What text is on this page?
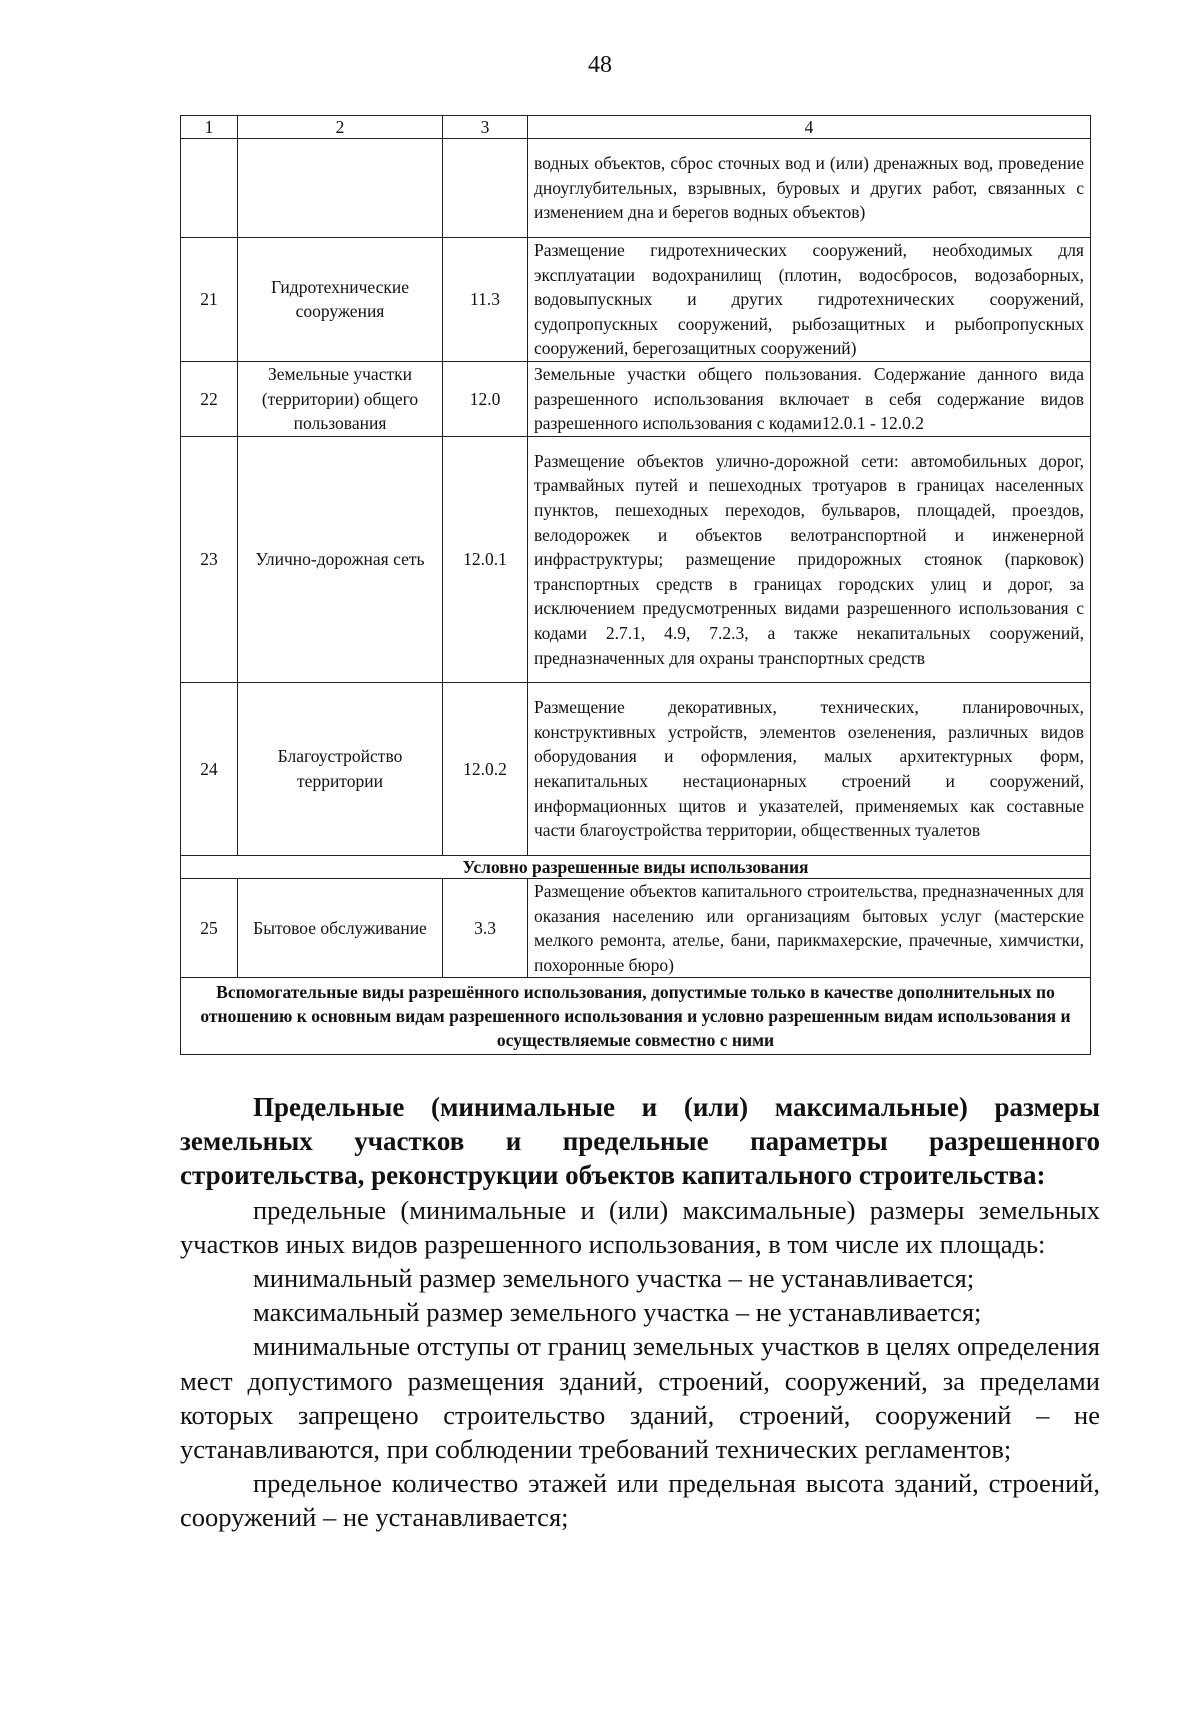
48
1	2	3	4
			водных объектов, сброс сточных вод и (или) дренажных вод, проведение дноуглубительных, взрывных, буровых и других работ, связанных с изменением дна и берегов водных объектов)
21	Гидротехнические сооружения	11.3	Размещение гидротехнических сооружений, необходимых для эксплуатации водохранилищ (плотин, водосбросов, водозаборных, водовыпускных и других гидротехнических сооружений, судопропускных сооружений, рыбозащитных и рыбопропускных сооружений, берегозащитных сооружений)
22	Земельные участки (территории) общего пользования	12.0	Земельные участки общего пользования. Содержание данного вида разрешенного использования включает в себя содержание видов разрешенного использования с кодами12.0.1 - 12.0.2
23	Улично-дорожная сеть	12.0.1	Размещение объектов улично-дорожной сети: автомобильных дорог, трамвайных путей и пешеходных тротуаров в границах населенных пунктов, пешеходных переходов, бульваров, площадей, проездов, велодорожек и объектов велотранспортной и инженерной инфраструктуры; размещение придорожных стоянок (парковок) транспортных средств в границах городских улиц и дорог, за исключением предусмотренных видами разрешенного использования с кодами 2.7.1, 4.9, 7.2.3, а также некапитальных сооружений, предназначенных для охраны транспортных средств
24	Благоустройство территории	12.0.2	Размещение декоративных, технических, планировочных, конструктивных устройств, элементов озеленения, различных видов оборудования и оформления, малых архитектурных форм, некапитальных нестационарных строений и сооружений, информационных щитов и указателей, применяемых как составные части благоустройства территории, общественных туалетов
Условно разрешенные виды использования			
25	Бытовое обслуживание	3.3	Размещение объектов капитального строительства, предназначенных для оказания населению или организациям бытовых услуг (мастерские мелкого ремонта, ателье, бани, парикмахерские, прачечные, химчистки, похоронные бюро)
Вспомогательные виды разрешённого использования, допустимые только в качестве дополнительных по отношению к основным видам разрешенного использования и условно разрешенным видам использования и осуществляемые совместно с ними			

Предельные (минимальные и (или) максимальные) размеры земельных участков и предельные параметры разрешенного строительства, реконструкции объектов капитального строительства:

предельные (минимальные и (или) максимальные) размеры земельных участков иных видов разрешенного использования, в том числе их площадь:

минимальный размер земельного участка – не устанавливается;

максимальный размер земельного участка – не устанавливается;

минимальные отступы от границ земельных участков в целях определения мест допустимого размещения зданий, строений, сооружений, за пределами которых запрещено строительство зданий, строений, сооружений – не устанавливаются, при соблюдении требований технических регламентов;

предельное количество этажей или предельная высота зданий, строений, сооружений – не устанавливается;
